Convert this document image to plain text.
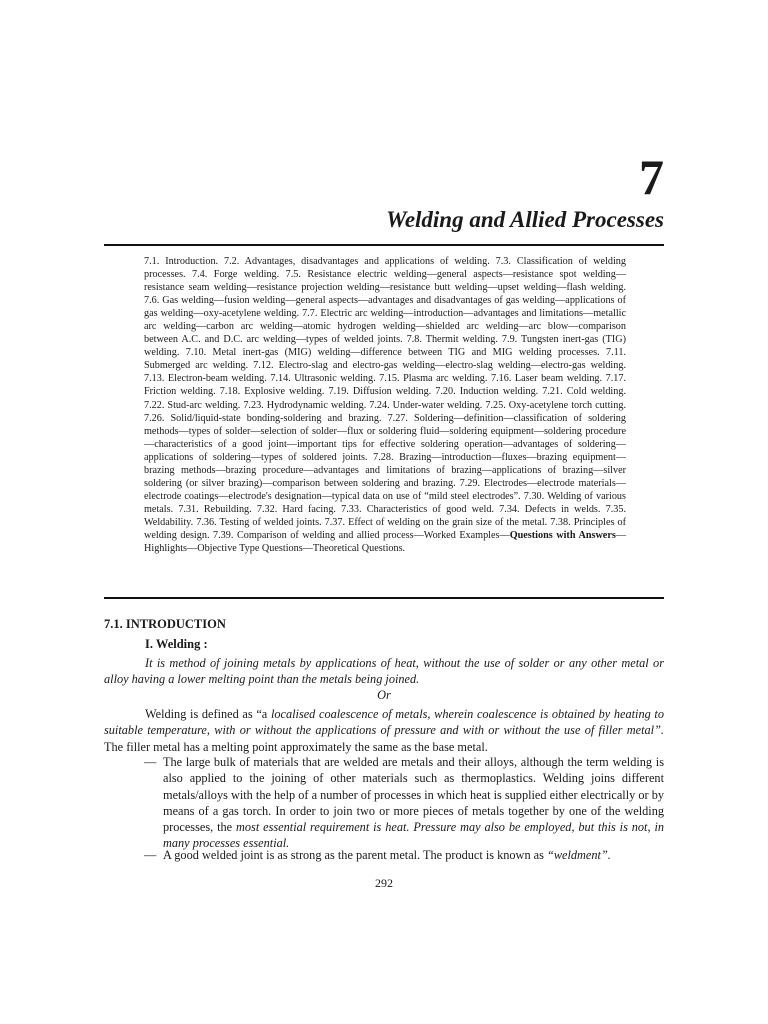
7
Welding and Allied Processes

7.1. Introduction. 7.2. Advantages, disadvantages and applications of welding. 7.3. Classification of welding processes. 7.4. Forge welding. 7.5. Resistance electric welding—general aspects—resistance spot welding—resistance seam welding—resistance projection welding—resistance butt welding—upset welding—flash welding. 7.6. Gas welding—fusion welding—general aspects—advantages and disadvantages of gas welding—applications of gas welding—oxy-acetylene welding. 7.7. Electric arc welding—introduction—advantages and limitations—metallic arc welding—carbon arc welding—atomic hydrogen welding—shielded arc welding—arc blow—comparison between A.C. and D.C. arc welding—types of welded joints. 7.8. Thermit welding. 7.9. Tungsten inert-gas (TIG) welding. 7.10. Metal inert-gas (MIG) welding—difference between TIG and MIG welding processes. 7.11. Submerged arc welding. 7.12. Electro-slag and electro-gas welding—electro-slag welding—electro-gas welding. 7.13. Electron-beam welding. 7.14. Ultrasonic welding. 7.15. Plasma arc welding. 7.16. Laser beam welding. 7.17. Friction welding. 7.18. Explosive welding. 7.19. Diffusion welding. 7.20. Induction welding. 7.21. Cold welding. 7.22. Stud-arc welding. 7.23. Hydrodynamic welding. 7.24. Under-water welding. 7.25. Oxy-acetylene torch cutting. 7.26. Solid/liquid-state bonding-soldering and brazing. 7.27. Soldering—definition—classification of soldering methods—types of solder—selection of solder—flux or soldering fluid—soldering equipment—soldering procedure—characteristics of a good joint—important tips for effective soldering operation—advantages of soldering—applications of soldering—types of soldered joints. 7.28. Brazing—introduction—fluxes—brazing equipment—brazing methods—brazing procedure—advantages and limitations of brazing—applications of brazing—silver soldering (or silver brazing)—comparison between soldering and brazing. 7.29. Electrodes—electrode materials—electrode coatings—electrode's designation—typical data on use of “mild steel electrodes”. 7.30. Welding of various metals. 7.31. Rebuilding. 7.32. Hard facing. 7.33. Characteristics of good weld. 7.34. Defects in welds. 7.35. Weldability. 7.36. Testing of welded joints. 7.37. Effect of welding on the grain size of the metal. 7.38. Principles of welding design. 7.39. Comparison of welding and allied process—Worked Examples—Questions with Answers—Highlights—Objective Type Questions—Theoretical Questions.

7.1. INTRODUCTION
I. Welding :

It is method of joining metals by applications of heat, without the use of solder or any other metal or alloy having a lower melting point than the metals being joined.

Or

Welding is defined as “a localised coalescence of metals, wherein coalescence is obtained by heating to suitable temperature, with or without the applications of pressure and with or without the use of filler metal”. The filler metal has a melting point approximately the same as the base metal.

— The large bulk of materials that are welded are metals and their alloys, although the term welding is also applied to the joining of other materials such as thermoplastics. Welding joins different metals/alloys with the help of a number of processes in which heat is supplied either electrically or by means of a gas torch. In order to join two or more pieces of metals together by one of the welding processes, the most essential requirement is heat. Pressure may also be employed, but this is not, in many processes essential.

— A good welded joint is as strong as the parent metal. The product is known as “weldment”.

292
